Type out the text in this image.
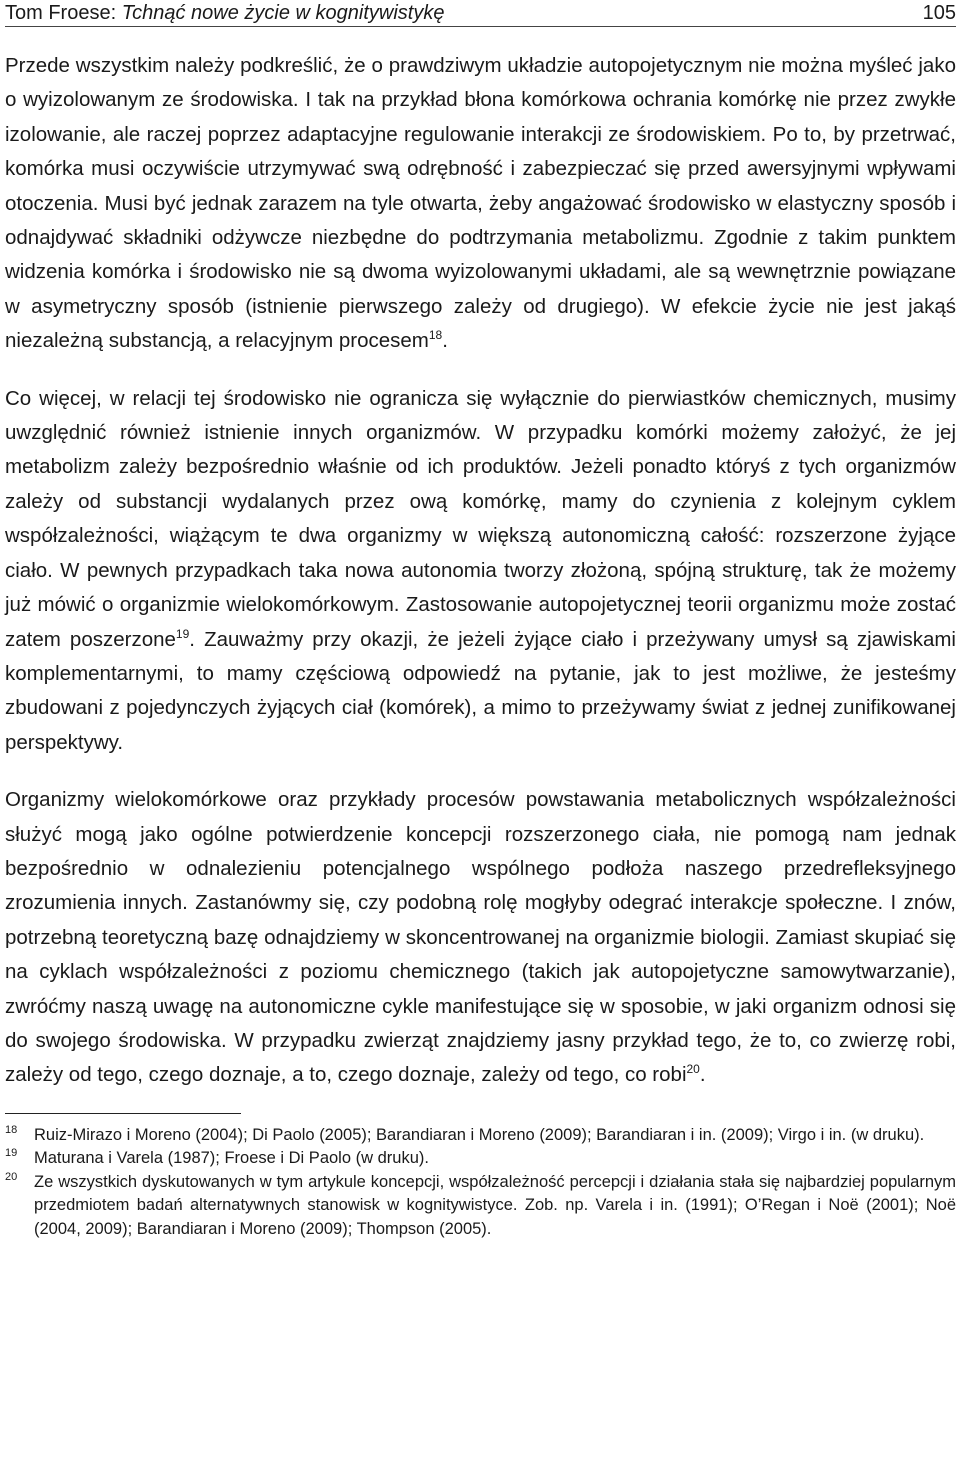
Tom Froese: Tchnąć nowe życie w kognitywistykę	105

Przede wszystkim należy podkreślić, że o prawdziwym układzie autopojetycznym nie można myśleć jako o wyizolowanym ze środowiska. I tak na przykład błona komórkowa ochrania komórkę nie przez zwykłe izolowanie, ale raczej poprzez adaptacyjne regulowanie interakcji ze środowiskiem. Po to, by przetrwać, komórka musi oczywiście utrzymywać swą odrębność i zabezpieczać się przed awersyjnymi wpływami otoczenia. Musi być jednak zarazem na tyle otwarta, żeby angażować środowisko w elastyczny sposób i odnajdywać składniki odżywcze niezbędne do podtrzymania metabolizmu. Zgodnie z takim punktem widzenia komórka i środowisko nie są dwoma wyizolowanymi układami, ale są wewnętrznie powiązane w asymetryczny sposób (istnienie pierwszego zależy od drugiego). W efekcie życie nie jest jakąś niezależną substancją, a relacyjnym procesem$^{18}$.

Co więcej, w relacji tej środowisko nie ogranicza się wyłącznie do pierwiastków chemicznych, musimy uwzględnić również istnienie innych organizmów. W przypadku komórki możemy założyć, że jej metabolizm zależy bezpośrednio właśnie od ich produktów. Jeżeli ponadto któryś z tych organizmów zależy od substancji wydalanych przez ową komórkę, mamy do czynienia z kolejnym cyklem współzależności, wiążącym te dwa organizmy w większą autonomiczną całość: rozszerzone żyjące ciało. W pewnych przypadkach taka nowa autonomia tworzy złożoną, spójną strukturę, tak że możemy już mówić o organizmie wielokomórkowym. Zastosowanie autopojetycznej teorii organizmu może zostać zatem poszerzone$^{19}$. Zauważmy przy okazji, że jeżeli żyjące ciało i przeżywany umysł są zjawiskami komplementarnymi, to mamy częściową odpowiedź na pytanie, jak to jest możliwe, że jesteśmy zbudowani z pojedynczych żyjących ciał (komórek), a mimo to przeżywamy świat z jednej zunifikowanej perspektywy.

Organizmy wielokomórkowe oraz przykłady procesów powstawania metabolicznych współzależności służyć mogą jako ogólne potwierdzenie koncepcji rozszerzonego ciała, nie pomogą nam jednak bezpośrednio w odnalezieniu potencjalnego wspólnego podłoża naszego przedrefleksyjnego zrozumienia innych. Zastanówmy się, czy podobną rolę mogłyby odegrać interakcje społeczne. I znów, potrzebną teoretyczną bazę odnajdziemy w skoncentrowanej na organizmie biologii. Zamiast skupiać się na cyklach współzależności z poziomu chemicznego (takich jak autopojetyczne samowytwarzanie), zwróćmy naszą uwagę na autonomiczne cykle manifestujące się w sposobie, w jaki organizm odnosi się do swojego środowiska. W przypadku zwierząt znajdziemy jasny przykład tego, że to, co zwierzę robi, zależy od tego, czego doznaje, a to, czego doznaje, zależy od tego, co robi$^{20}$.

18 Ruiz-Mirazo i Moreno (2004); Di Paolo (2005); Barandiaran i Moreno (2009); Barandiaran i in. (2009); Virgo i in. (w druku).

19 Maturana i Varela (1987); Froese i Di Paolo (w druku).

20 Ze wszystkich dyskutowanych w tym artykule koncepcji, współzależność percepcji i działania stała się najbardziej popularnym przedmiotem badań alternatywnych stanowisk w kognitywistyce. Zob. np. Varela i in. (1991); O’Regan i Noë (2001); Noë (2004, 2009); Barandiaran i Moreno (2009); Thompson (2005).
